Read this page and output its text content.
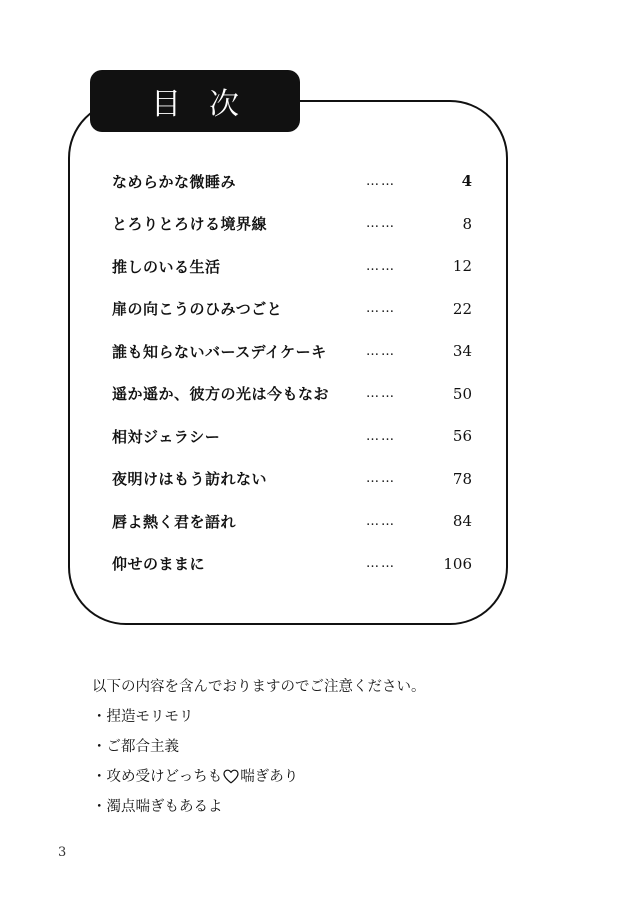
目次
なめらかな微睡み	……	4
とろりとろける境界線	……	8
推しのいる生活	……	12
扉の向こうのひみつごと	……	22
誰も知らないバースデイケーキ	……	34
遥か遥か、彼方の光は今もなお	……	50
相対ジェラシー	……	56
夜明けはもう訪れない	……	78
唇よ熱く君を語れ	……	84
仰せのままに	……	106
以下の内容を含んでおりますのでご注意ください。
・捏造モリモリ
・ご都合主義
・攻め受けどっちも 喘ぎあり
・濁点喘ぎもあるよ
3
